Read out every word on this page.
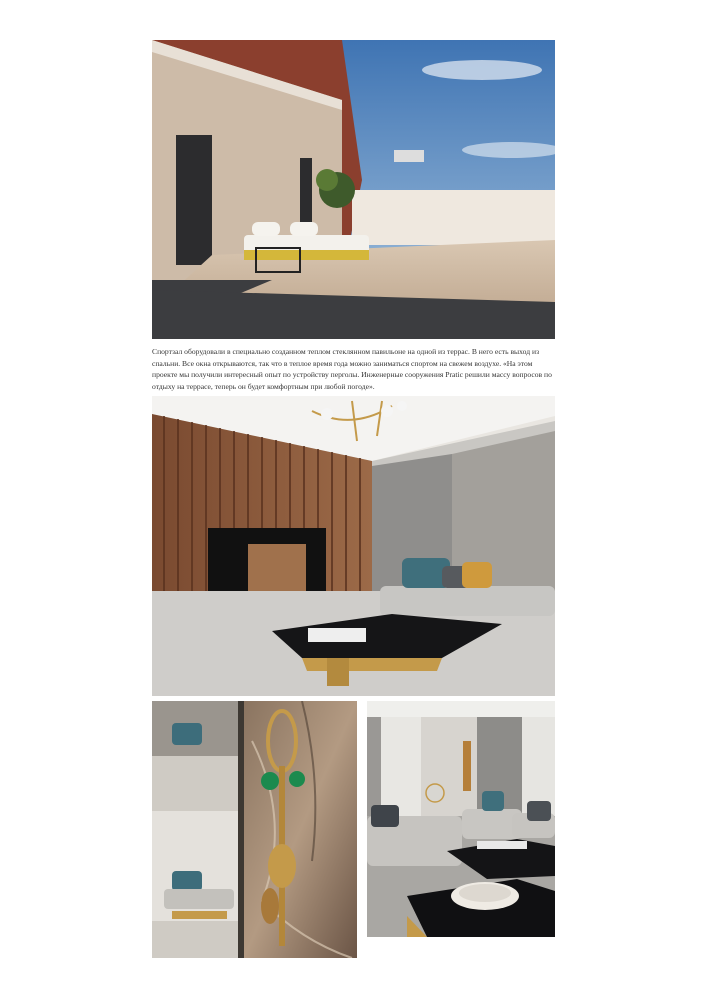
Спортзал оборудовали в специально созданном теплом стеклянном павильоне на одной из террас. В него есть выход из спальни. Все окна открываются, так что в теплое время года можно заниматься спортом на свежем воздухе. «На этом проекте мы получили интересный опыт по устройству перголы. Инженерные сооружения Pratic решили массу вопросов по отдыху на террасе, теперь он будет комфортным при любой погоде».
